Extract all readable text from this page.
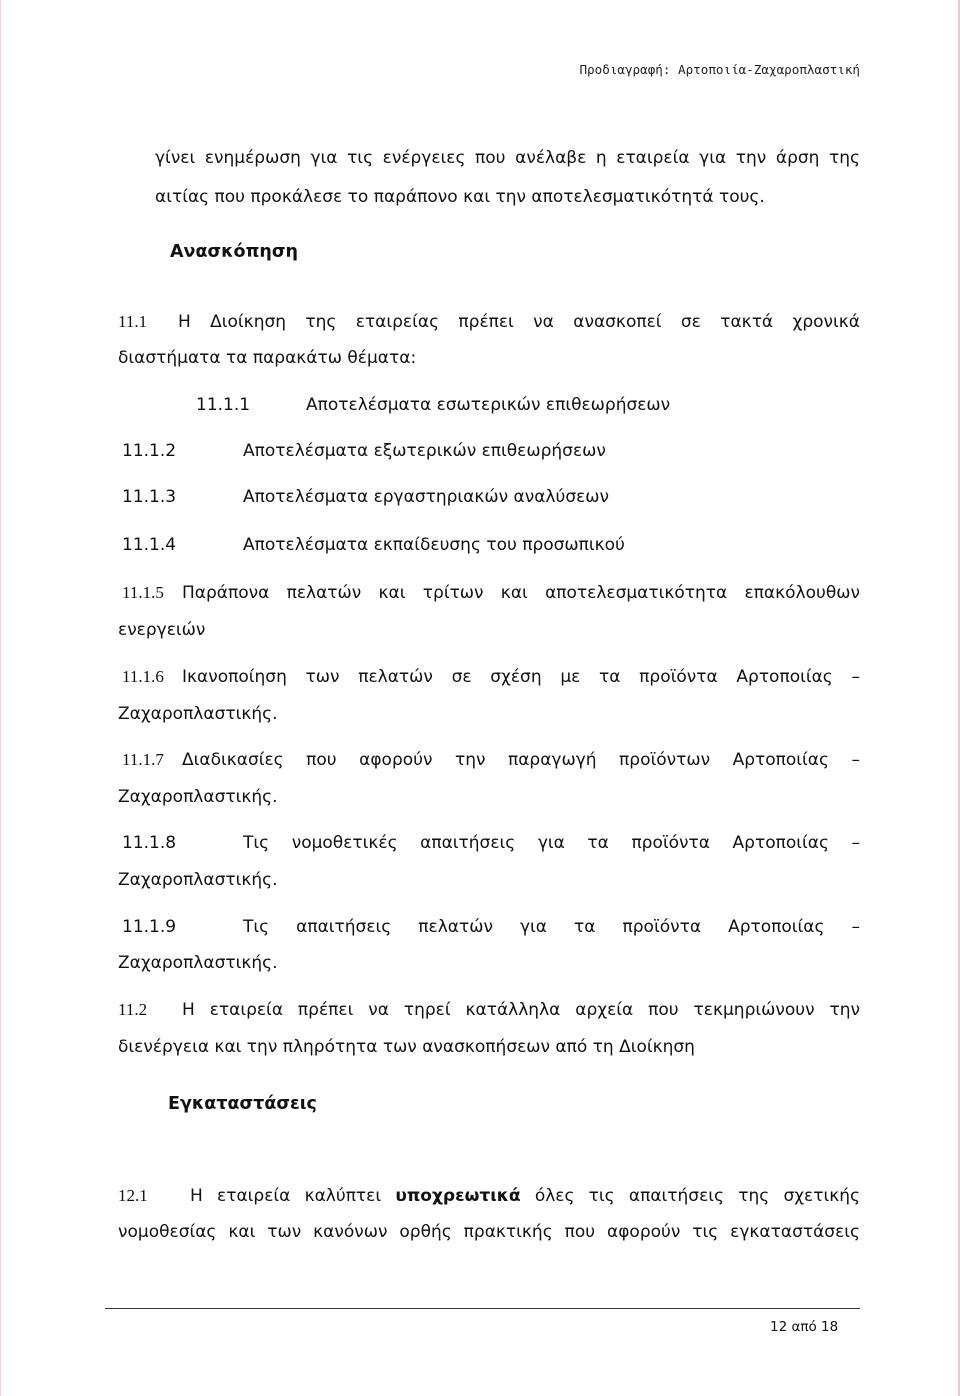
Προδιαγραφή: Αρτοποιία-Ζαχαροπλαστική
γίνει ενημέρωση για τις ενέργειες που ανέλαβε η εταιρεία για την άρση της
αιτίας που προκάλεσε το παράπονο και την αποτελεσματικότητά τους.
Ανασκόπηση
11.1 Η Διοίκηση της εταιρείας πρέπει να ανασκοπεί σε τακτά χρονικά
διαστήματα τα παρακάτω θέματα:
11.1.1	Αποτελέσματα εσωτερικών επιθεωρήσεων
11.1.2	Αποτελέσματα εξωτερικών επιθεωρήσεων
11.1.3	Αποτελέσματα εργαστηριακών αναλύσεων
11.1.4	Αποτελέσματα εκπαίδευσης του προσωπικού
11.1.5 Παράπονα πελατών και τρίτων και αποτελεσματικότητα επακόλουθων
ενεργειών
11.1.6 Ικανοποίηση των πελατών σε σχέση με τα προϊόντα Αρτοποιίας –
Ζαχαροπλαστικής.
11.1.7 Διαδικασίες που αφορούν την παραγωγή προϊόντων Αρτοποιίας –
Ζαχαροπλαστικής.
11.1.8	Τις νομοθετικές απαιτήσεις για τα προϊόντα Αρτοποιίας –
Ζαχαροπλαστικής.
11.1.9	Τις απαιτήσεις πελατών για τα προϊόντα Αρτοποιίας –
Ζαχαροπλαστικής.
11.2 Η εταιρεία πρέπει να τηρεί κατάλληλα αρχεία που τεκμηριώνουν την
διενέργεια και την πληρότητα των ανασκοπήσεων από τη Διοίκηση
Εγκαταστάσεις
12.1 Η εταιρεία καλύπτει υποχρεωτικά όλες τις απαιτήσεις της σχετικής
νομοθεσίας και των κανόνων ορθής πρακτικής που αφορούν τις εγκαταστάσεις
12 από 18
